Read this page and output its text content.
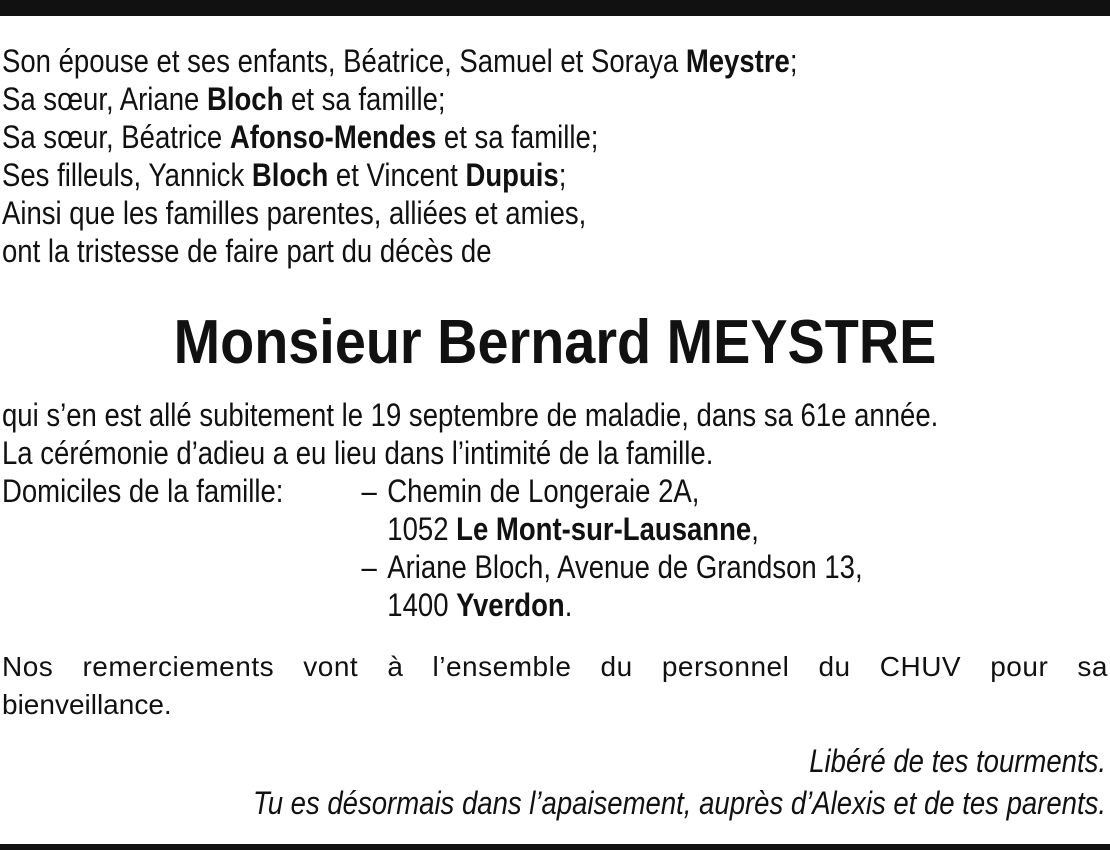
Son épouse et ses enfants, Béatrice, Samuel et Soraya Meystre;
Sa sœur, Ariane Bloch et sa famille;
Sa sœur, Béatrice Afonso-Mendes et sa famille;
Ses filleuls, Yannick Bloch et Vincent Dupuis;
Ainsi que les familles parentes, alliées et amies,
ont la tristesse de faire part du décès de
Monsieur Bernard MEYSTRE
qui s’en est allé subitement le 19 septembre de maladie, dans sa 61e année.
La cérémonie d’adieu a eu lieu dans l’intimité de la famille.
Domiciles de la famille:	– Chemin de Longeraie 2A,
1052 Le Mont-sur-Lausanne,
– Ariane Bloch, Avenue de Grandson 13,
1400 Yverdon.
Nos remerciements vont à l’ensemble du personnel du CHUV pour sa
bienveillance.
Libéré de tes tourments.
Tu es désormais dans l’apaisement, auprès d’Alexis et de tes parents.
